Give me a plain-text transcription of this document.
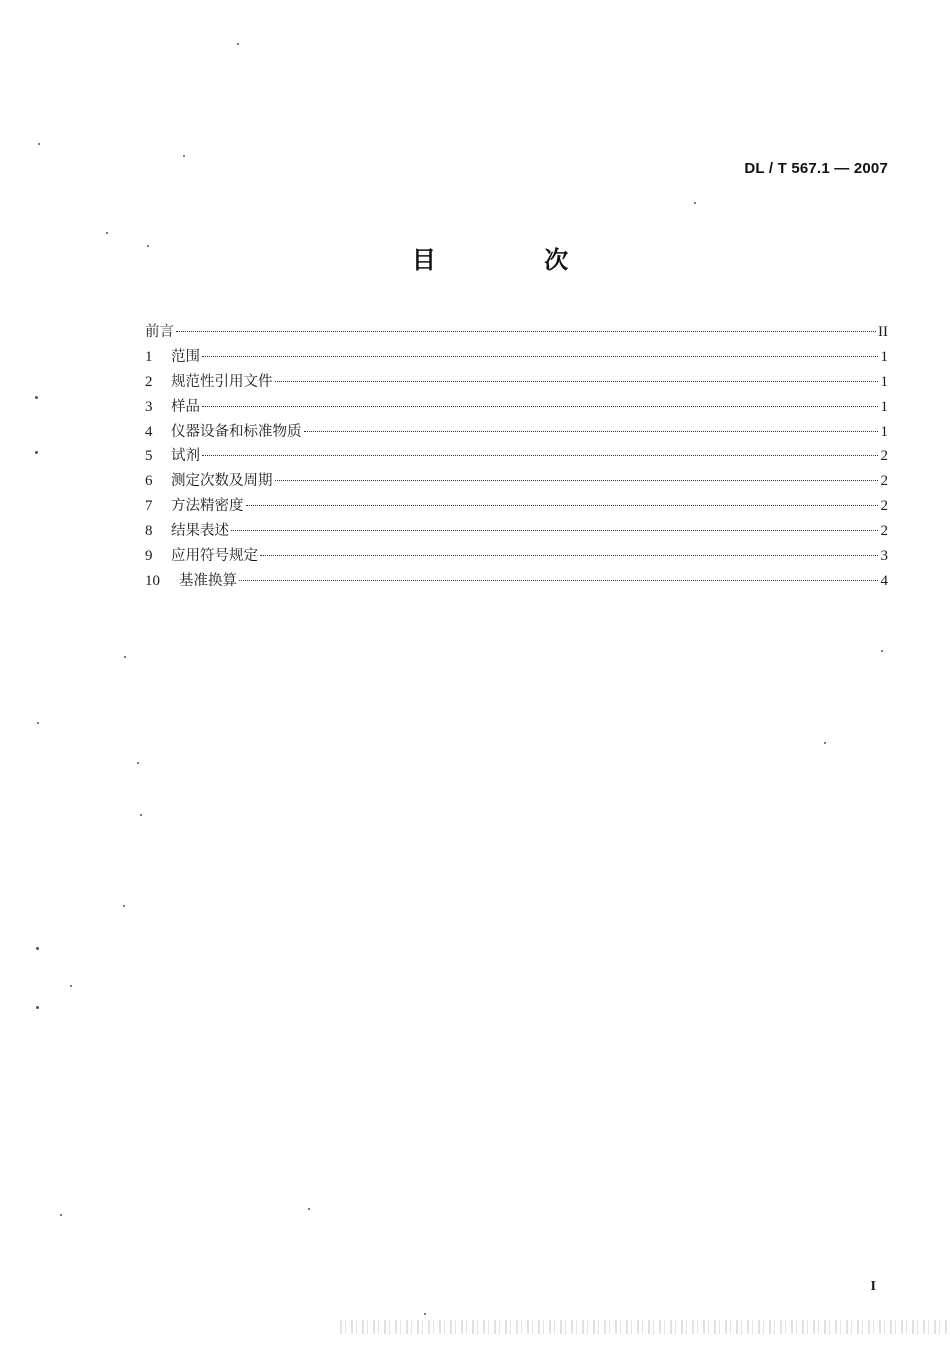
DL / T 567.1 — 2007
目 次
前言	II
1	范围	1
2	规范性引用文件	1
3	样品	1
4	仪器设备和标准物质	1
5	试剂	2
6	测定次数及周期	2
7	方法精密度	2
8	结果表述	2
9	应用符号规定	3
10	基准换算	4
I
